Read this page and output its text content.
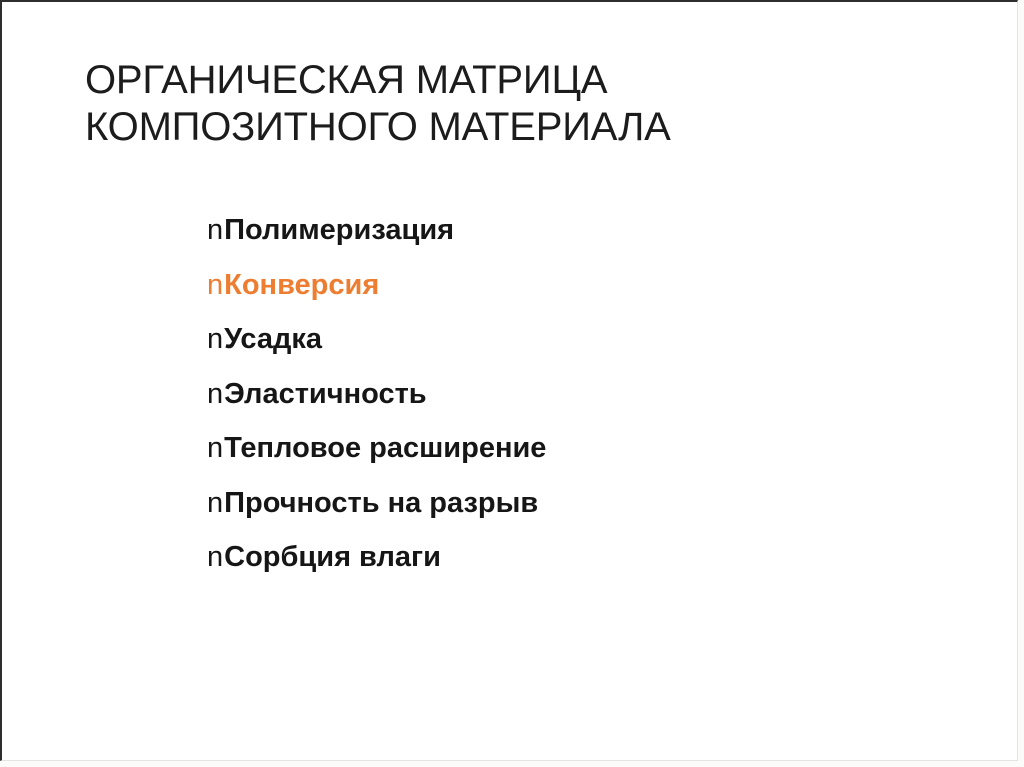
ОРГАНИЧЕСКАЯ МАТРИЦА КОМПОЗИТНОГО МАТЕРИАЛА
nПолимеризация
nКонверсия
nУсадка
nЭластичность
nТепловое расширение
nПрочность на разрыв
nСорбция влаги
